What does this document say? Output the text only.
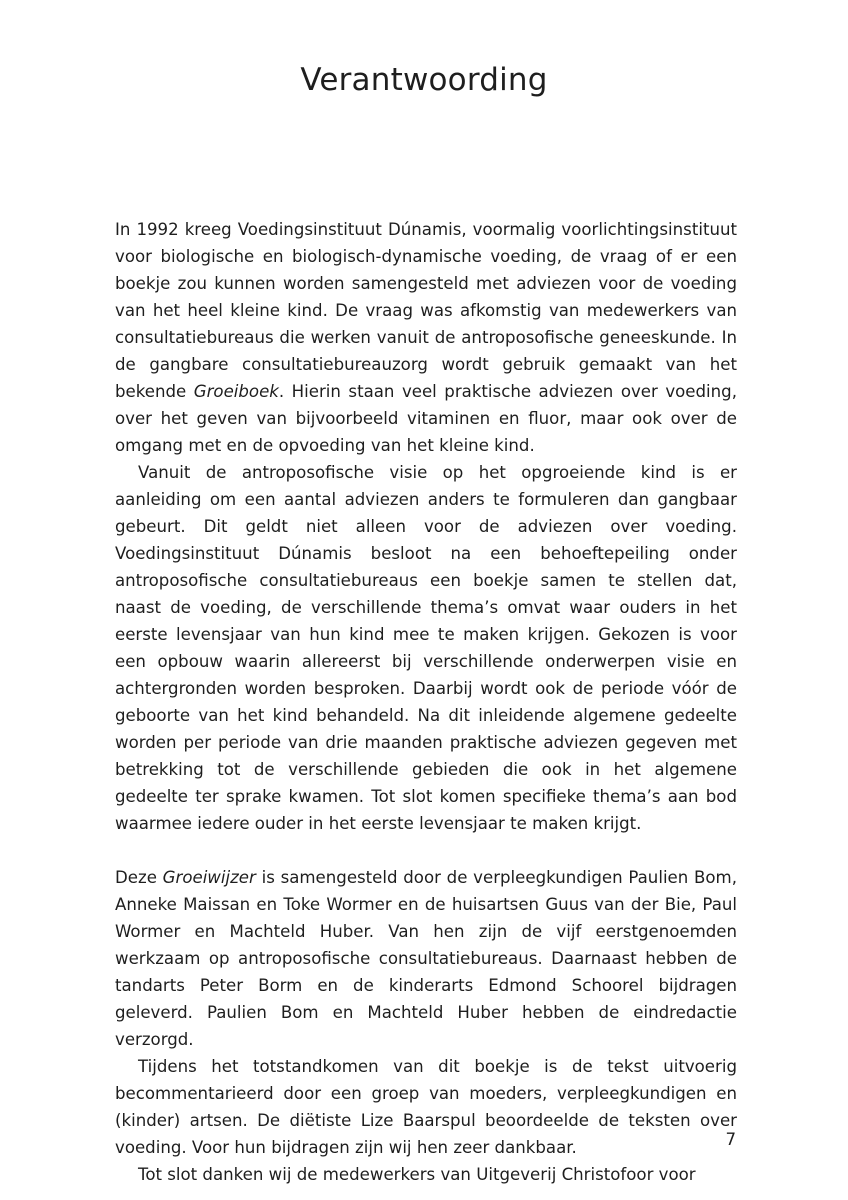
Verantwoording

In 1992 kreeg Voedingsinstituut Dúnamis, voormalig voorlichtingsinstituut voor biologische en biologisch-dynamische voeding, de vraag of er een boekje zou kunnen worden samengesteld met adviezen voor de voeding van het heel kleine kind. De vraag was afkomstig van medewerkers van consultatiebureaus die werken vanuit de antroposofische geneeskunde. In de gangbare consultatiebureauzorg wordt gebruik gemaakt van het bekende Groeiboek. Hierin staan veel praktische adviezen over voeding, over het geven van bijvoorbeeld vitaminen en fluor, maar ook over de omgang met en de opvoeding van het kleine kind.

Vanuit de antroposofische visie op het opgroeiende kind is er aanleiding om een aantal adviezen anders te formuleren dan gangbaar gebeurt. Dit geldt niet alleen voor de adviezen over voeding. Voedingsinstituut Dúnamis besloot na een behoeftepeiling onder antroposofische consultatiebureaus een boekje samen te stellen dat, naast de voeding, de verschillende thema’s omvat waar ouders in het eerste levensjaar van hun kind mee te maken krijgen. Gekozen is voor een opbouw waarin allereerst bij verschillende onderwerpen visie en achtergronden worden besproken. Daarbij wordt ook de periode vóór de geboorte van het kind behandeld. Na dit inleidende algemene gedeelte worden per periode van drie maanden praktische adviezen gegeven met betrekking tot de verschillende gebieden die ook in het algemene gedeelte ter sprake kwamen. Tot slot komen specifieke thema’s aan bod waarmee iedere ouder in het eerste levensjaar te maken krijgt.

Deze Groeiwijzer is samengesteld door de verpleegkundigen Paulien Bom, Anneke Maissan en Toke Wormer en de huisartsen Guus van der Bie, Paul Wormer en Machteld Huber. Van hen zijn de vijf eerstgenoemden werkzaam op antroposofische consultatiebureaus. Daarnaast hebben de tandarts Peter Borm en de kinderarts Edmond Schoorel bijdragen geleverd. Paulien Bom en Machteld Huber hebben de eindredactie verzorgd.

Tijdens het totstandkomen van dit boekje is de tekst uitvoerig becommentarieerd door een groep van moeders, verpleegkundigen en (kinder) artsen. De diëtiste Lize Baarspul beoordeelde de teksten over voeding. Voor hun bijdragen zijn wij hen zeer dankbaar.

Tot slot danken wij de medewerkers van Uitgeverij Christofoor voor

7
